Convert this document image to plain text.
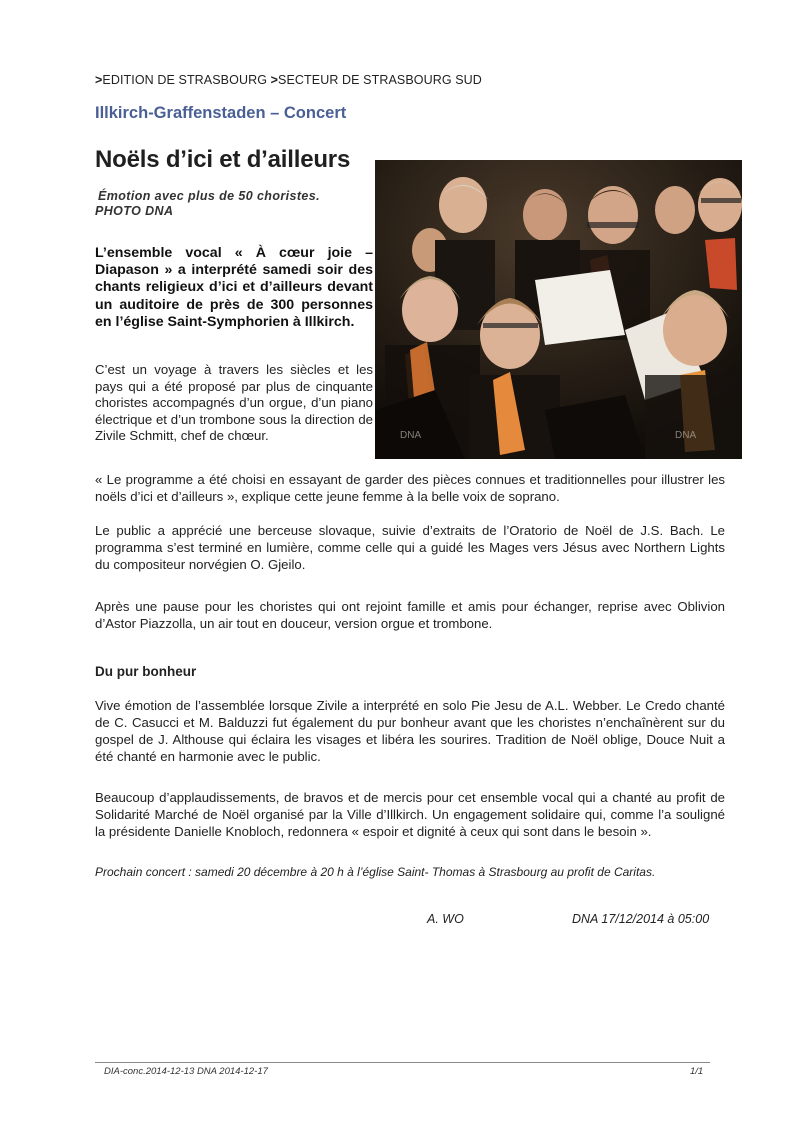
>EDITION DE STRASBOURG >SECTEUR DE STRASBOURG SUD
Illkirch-Graffenstaden – Concert
Noëls d’ici et d’ailleurs
Émotion avec plus de 50 choristes.
PHOTO DNA
L’ensemble vocal « À cœur joie – Diapason » a interprété samedi soir des chants religieux d’ici et d’ailleurs devant un auditoire de près de 300 personnes en l’église Saint-Symphorien à Illkirch.
C’est un voyage à travers les siècles et les pays qui a été proposé par plus de cinquante choristes accompagnés d’un orgue, d’un piano électrique et d’un trombone sous la direction de Zivile Schmitt, chef de chœur.	DNA	DNA
« Le programme a été choisi en essayant de garder des pièces connues et traditionnelles pour illustrer les noëls d’ici et d’ailleurs », explique cette jeune femme à la belle voix de soprano.
Le public a apprécié une berceuse slovaque, suivie d’extraits de l’Oratorio de Noël de J.S. Bach. Le programma s’est terminé en lumière, comme celle qui a guidé les Mages vers Jésus avec Northern Lights du compositeur norvégien O. Gjeilo.
Après une pause pour les choristes qui ont rejoint famille et amis pour échanger, reprise avec Oblivion d’Astor Piazzolla, un air tout en douceur, version orgue et trombone.
Du pur bonheur
Vive émotion de l’assemblée lorsque Zivile a interprété en solo Pie Jesu de A.L. Webber. Le Credo chanté de C. Casucci et M. Balduzzi fut également du pur bonheur avant que les choristes n’enchaînèrent sur du gospel de J. Althouse qui éclaira les visages et libéra les sourires. Tradition de Noël oblige, Douce Nuit a été chanté en harmonie avec le public.
Beaucoup d’applaudissements, de bravos et de mercis pour cet ensemble vocal qui a chanté au profit de Solidarité Marché de Noël organisé par la Ville d’Illkirch. Un engagement solidaire qui, comme l’a souligné la présidente Danielle Knobloch, redonnera « espoir et dignité à ceux qui sont dans le besoin ».
Prochain concert : samedi 20 décembre à 20 h à l’église Saint- Thomas à Strasbourg au profit de Caritas.
A. WO	DNA 17/12/2014 à 05:00
DIA-conc.2014-12-13 DNA 2014-12-17	1/1
